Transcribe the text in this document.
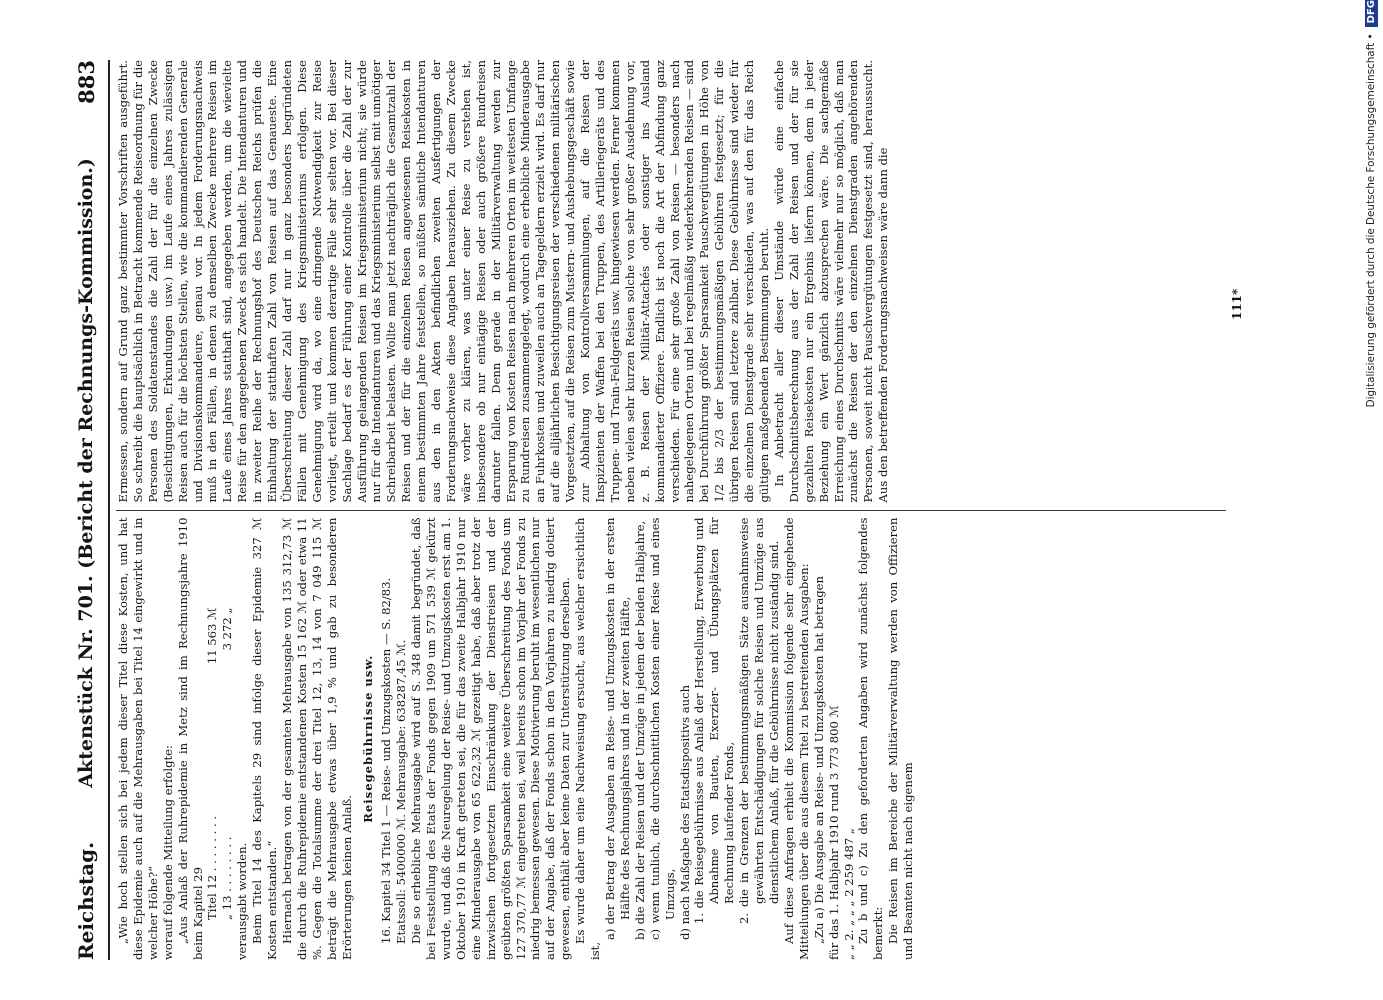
Reichstag.
Aktenstück Nr. 701. (Bericht der Rechnungs-Kommission.)
883

„Wie hoch stellen sich bei jedem dieser Titel diese Kosten, und hat diese Epidemie auch auf die Mehrausgaben bei Titel 14 eingewirkt und in welcher Höhe?“ worauf folgende Mitteilung erfolgte: „Aus Anlaß der Ruhrepidemie in Metz sind im Rechnungsjahre 1910 beim Kapitel 29 Titel 12 . . . . . . . .
11 563 ℳ
„ 13 . . . . . . . .
3 272 „

verausgabt worden. Beim Titel 14 des Kapitels 29 sind infolge dieser Epidemie 327 ℳ Kosten entstanden.“ Hiernach betragen von der gesamten Mehrausgabe von 135 312,73 ℳ die durch die Ruhrepidemie entstandenen Kosten 15 162 ℳ oder etwa 11 %. Gegen die Totalsumme der drei Titel 12, 13, 14 von 7 049 115 ℳ beträgt die Mehrausgabe etwas über 1,9 % und gab zu besonderen Erörterungen keinen Anlaß.

Reisegebührnisse usw. 16. Kapitel 34 Titel 1 — Reise- und Umzugskosten — S. 82/83. Etatssoll: 5400000 ℳ. Mehrausgabe: 638287,45 ℳ. Die so erhebliche Mehrausgabe wird auf S. 348 damit begründet, daß bei Feststellung des Etats der Fonds gegen 1909 um 571 539 ℳ gekürzt wurde, und daß die Neuregelung der Reise- und Umzugskosten erst am 1. Oktober 1910 in Kraft getreten sei, die für das zweite Halbjahr 1910 nur eine Minderausgabe von 65 622,32 ℳ gezeitigt habe, daß aber trotz der inzwischen fortgesetzten Einschränkung der Dienstreisen und der geübten größten Sparsamkeit eine weitere Überschreitung des Fonds um 127 370,77 ℳ eingetreten sei, weil bereits schon im Vorjahr der Fonds zu niedrig bemessen gewesen. Diese Motivierung beruht im wesentlichen nur auf der Angabe, daß der Fonds schon in den Vorjahren zu niedrig dotiert gewesen, enthält aber keine Daten zur Unterstützung derselben. Es wurde daher um eine Nachweisung ersucht, aus welcher ersichtlich ist,

a) der Betrag der Ausgaben an Reise- und Umzugskosten in der ersten Hälfte des Rechnungsjahres und in der zweiten Hälfte, b) die Zahl der Reisen und der Umzüge in jedem der beiden Halbjahre, c) wenn tunlich, die durchschnittlichen Kosten einer Reise und eines Umzugs, d) nach Maßgabe des Etatsdispositivs auch 1. die Reisegebührnisse aus Anlaß der Herstellung, Erwerbung und Abnahme von Bauten, Exerzier- und Übungsplätzen für Rechnung laufender Fonds, 2. die in Grenzen der bestimmungsmäßigen Sätze ausnahmsweise gewährten Entschädigungen für solche Reisen und Umzüge aus dienstlichem Anlaß, für die Gebührnisse nicht zuständig sind. Auf diese Anfragen erhielt die Kommission folgende sehr eingehende Mitteilungen über die aus diesem Titel zu bestreitenden Ausgaben: „Zu a) Die Ausgabe an Reise- und Umzugskosten hat betragen für das 1. Halbjahr 1910 rund 3 773 800 ℳ „ „ 2. „ „ „ 2 259 487 „ Zu b und c) Zu den geforderten Angaben wird zunächst folgendes bemerkt: Die Reisen im Bereiche der Militärverwaltung werden von Offizieren und Beamten nicht nach eigenem

Ermessen, sondern auf Grund ganz bestimmter Vorschriften ausgeführt. So schreibt die hauptsächlich in Betracht kommende Reiseordnung für die Personen des Soldatenstandes die Zahl der für die einzelnen Zwecke (Besichtigungen, Erkundungen usw.) im Laufe eines Jahres zulässigen Reisen auch für die höchsten Stellen, wie die kommandierenden Generale und Divisionskommandeure, genau vor. In jedem Forderungsnachweis muß in den Fällen, in denen zu demselben Zwecke mehrere Reisen im Laufe eines Jahres statthaft sind, angegeben werden, um die wievielte Reise für den angegebenen Zweck es sich handelt. Die Intendanturen und in zweiter Reihe der Rechnungshof des Deutschen Reichs prüfen die Einhaltung der statthaften Zahl von Reisen auf das Genaueste. Eine Überschreitung dieser Zahl darf nur in ganz besonders begründeten Fällen mit Genehmigung des Kriegsministeriums erfolgen. Diese Genehmigung wird da, wo eine dringende Notwendigkeit zur Reise vorliegt, erteilt und kommen derartige Fälle sehr selten vor. Bei dieser Sachlage bedarf es der Führung einer Kontrolle über die Zahl der zur Ausführung gelangenden Reisen im Kriegsministerium nicht; sie würde nur für die Intendanturen und das Kriegsministerium selbst mit unnötiger Schreibarbeit belasten. Wollte man jetzt nachträglich die Gesamtzahl der Reisen und der für die einzelnen Reisen angewiesenen Reisekosten in einem bestimmten Jahre feststellen, so müßten sämtliche Intendanturen aus den in den Akten befindlichen zweiten Ausfertigungen der Forderungsnachweise diese Angaben herausziehen. Zu diesem Zwecke wäre vorher zu klären, was unter einer Reise zu verstehen ist, insbesondere ob nur eintägige Reisen oder auch größere Rundreisen darunter fallen. Denn gerade in der Militärverwaltung werden zur Ersparung von Kosten Reisen nach mehreren Orten im weitesten Umfange zu Rundreisen zusammengelegt, wodurch eine erhebliche Minderausgabe an Fuhrkosten und zuweilen auch an Tagegeldern erzielt wird. Es darf nur auf die alljährlichen Besichtigungsreisen der verschiedenen militärischen Vorgesetzten, auf die Reisen zum Mustern- und Aushebungsgeschäft sowie zur Abhaltung von Kontrollversammlungen, auf die Reisen der Inspizienten der Waffen bei den Truppen, des Artilleriegeräts und des Truppen- und Train-Feldgeräts usw. hingewiesen werden. Ferner kommen neben vielen sehr kurzen Reisen solche von sehr großer Ausdehnung vor, z. B. Reisen der Militär-Attachés oder sonstiger ins Ausland kommandierter Offiziere. Endlich ist noch die Art der Abfindung ganz verschieden. Für eine sehr große Zahl von Reisen — besonders nach nahegelegenen Orten und bei regelmäßig wiederkehrenden Reisen — sind bei Durchführung größter Sparsamkeit Pauschvergütungen in Höhe von 1/2 bis 2/3 der bestimmungsmäßigen Gebühren festgesetzt; für die übrigen Reisen sind letztere zahlbar. Diese Gebührnisse sind wieder für die einzelnen Dienstgrade sehr verschieden, was auf den für das Reich gültigen maßgebenden Bestimmungen beruht. In Anbetracht aller dieser Umstände würde eine einfache Durchschnittsberechnung aus der Zahl der Reisen und der für sie gezahlten Reisekosten nur ein Ergebnis liefern können, dem in jeder Beziehung ein Wert gänzlich abzusprechen wäre. Die sachgemäße Erreichung eines Durchschnitts wäre vielmehr nur so möglich, daß man zunächst die Reisen der den einzelnen Dienstgraden angehörenden Personen, soweit nicht Pauschvergütungen festgesetzt sind, heraussucht. Aus den betreffenden Forderungsnachweisen wäre dann die	111*	Digitalisierung gefördert durch die Deutsche Forschungsgemeinschaft •
DFG
